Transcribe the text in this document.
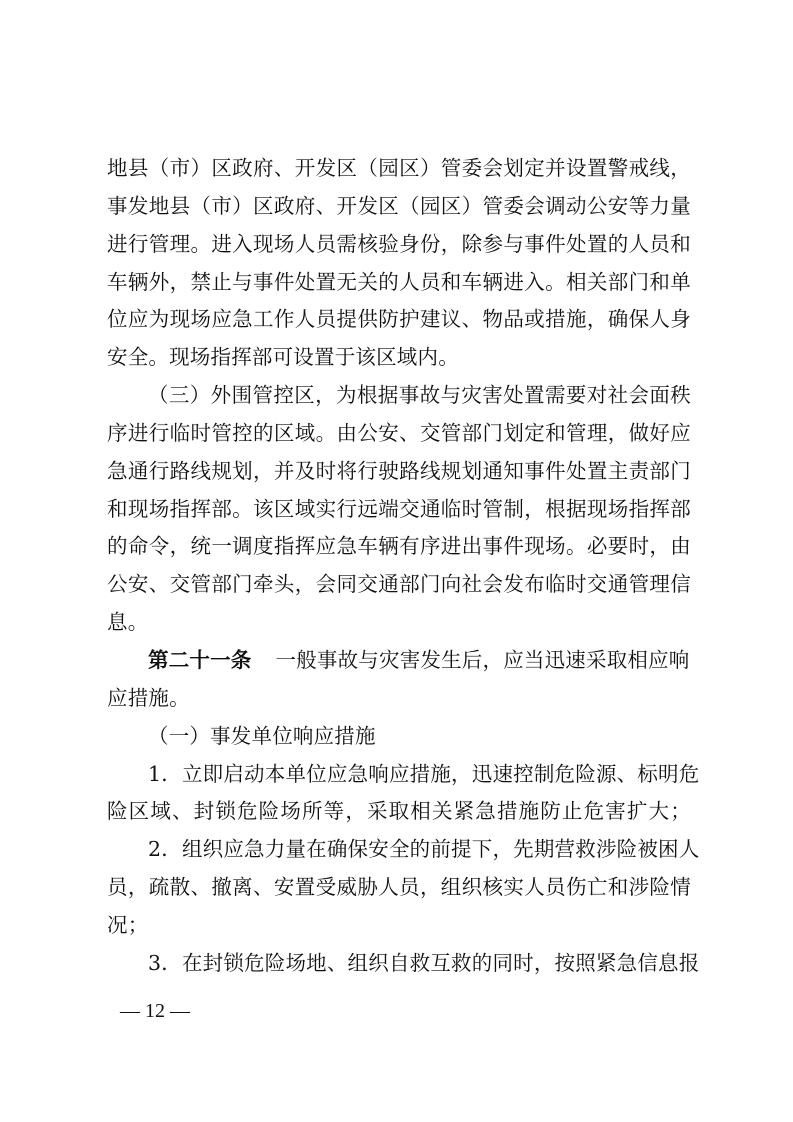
地县（市）区政府、开发区（园区）管委会划定并设置警戒线，
事发地县（市）区政府、开发区（园区）管委会调动公安等力量
进行管理。进入现场人员需核验身份，除参与事件处置的人员和
车辆外，禁止与事件处置无关的人员和车辆进入。相关部门和单
位应为现场应急工作人员提供防护建议、物品或措施，确保人身
安全。现场指挥部可设置于该区域内。
（三）外围管控区，为根据事故与灾害处置需要对社会面秩
序进行临时管控的区域。由公安、交管部门划定和管理，做好应
急通行路线规划，并及时将行驶路线规划通知事件处置主责部门
和现场指挥部。该区域实行远端交通临时管制，根据现场指挥部
的命令，统一调度指挥应急车辆有序进出事件现场。必要时，由
公安、交管部门牵头，会同交通部门向社会发布临时交通管理信
息。
第二十一条 一般事故与灾害发生后，应当迅速采取相应响
应措施。
（一）事发单位响应措施
1．立即启动本单位应急响应措施，迅速控制危险源、标明危
险区域、封锁危险场所等，采取相关紧急措施防止危害扩大；
2．组织应急力量在确保安全的前提下，先期营救涉险被困人
员，疏散、撤离、安置受威胁人员，组织核实人员伤亡和涉险情
况；
3．在封锁危险场地、组织自救互救的同时，按照紧急信息报
— 12 —
